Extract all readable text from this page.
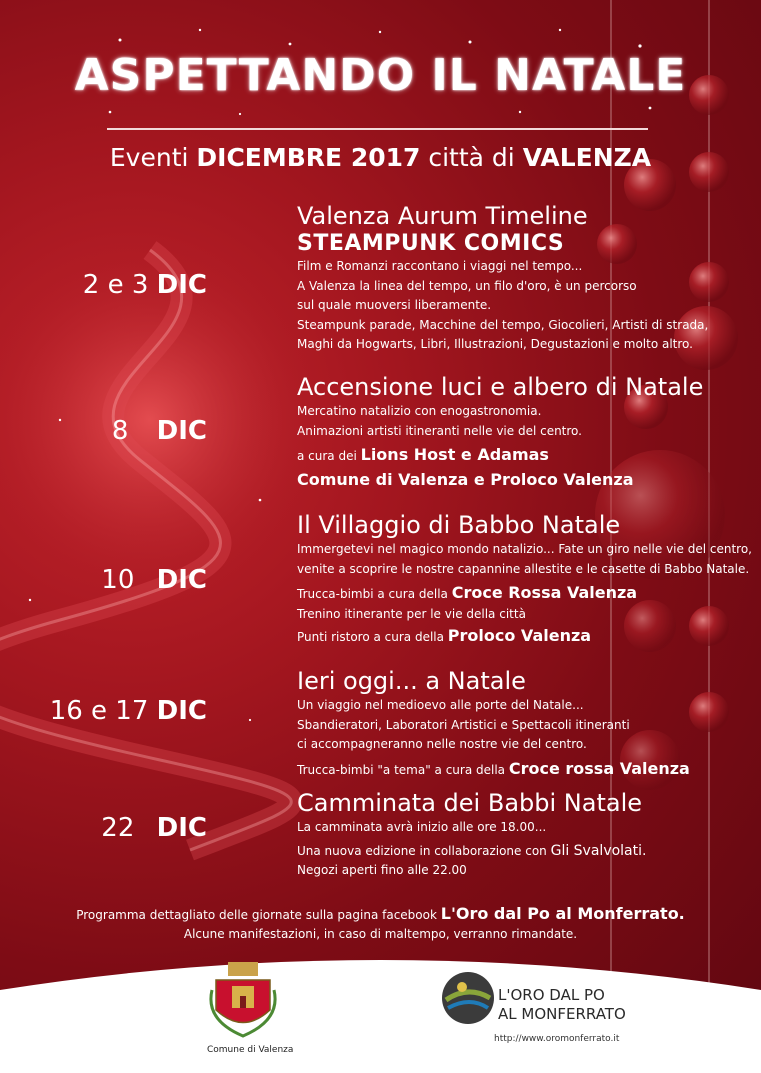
ASPETTANDO IL NATALE
Eventi DICEMBRE 2017 città di VALENZA
2 e 3 DIC
Valenza Aurum Timeline
STEAMPUNK COMICS
Film e Romanzi raccontano i viaggi nel tempo...
A Valenza la linea del tempo, un filo d'oro, è un percorso
sul quale muoversi liberamente.
Steampunk parade, Macchine del tempo, Giocolieri, Artisti di strada,
Maghi da Hogwarts, Libri, Illustrazioni, Degustazioni e molto altro.
8 DIC
Accensione luci e albero di Natale
Mercatino natalizio con enogastronomia.
Animazioni artisti itineranti nelle vie del centro.
a cura dei Lions Host e Adamas
Comune di Valenza e Proloco Valenza
10 DIC
Il Villaggio di Babbo Natale
Immergetevi nel magico mondo natalizio... Fate un giro nelle vie del centro,
venite a scoprire le nostre capannine allestite e le casette di Babbo Natale.
Trucca-bimbi a cura della Croce Rossa Valenza
Trenino itinerante per le vie della città
Punti ristoro a cura della Proloco Valenza
16 e 17 DIC
Ieri oggi... a Natale
Un viaggio nel medioevo alle porte del Natale...
Sbandieratori, Laboratori Artistici e Spettacoli itineranti
ci accompagneranno nelle nostre vie del centro.
Trucca-bimbi "a tema" a cura della Croce rossa Valenza
22 DIC
Camminata dei Babbi Natale
La camminata avrà inizio alle ore 18.00...
Una nuova edizione in collaborazione con Gli Svalvolati.
Negozi aperti fino alle 22.00
Programma dettagliato delle giornate sulla pagina facebook L'Oro dal Po al Monferrato.
Alcune manifestazioni, in caso di maltempo, verranno rimandate.
Comune di Valenza
L'ORO DAL PO
AL MONFERRATO
http://www.oromonferrato.it
